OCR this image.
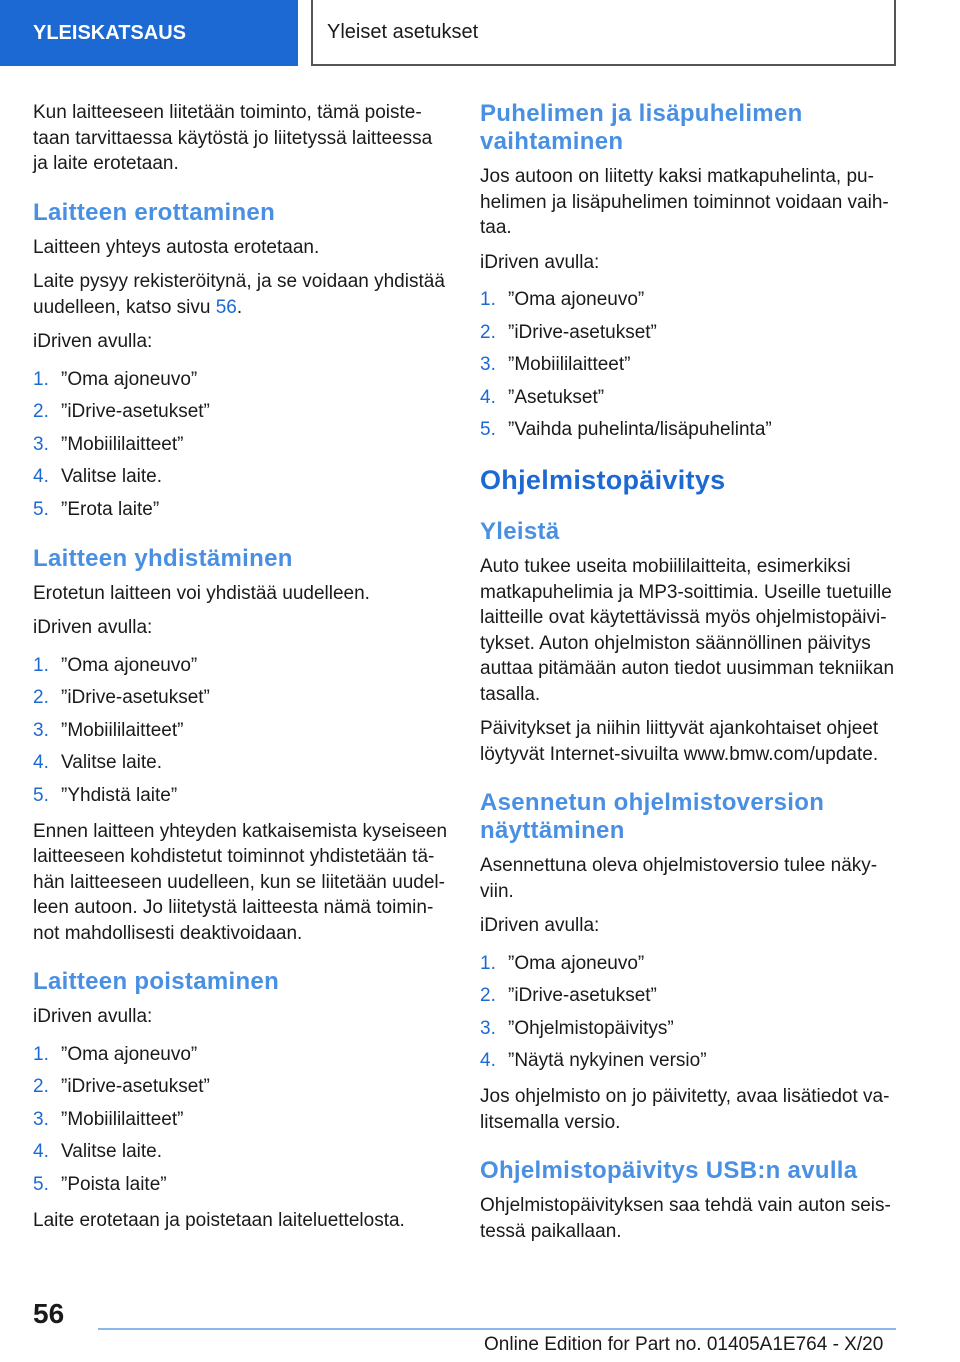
YLEISKATSAUS	Yleiset asetukset

Kun laitteeseen liitetään toiminto, tämä poistetaan tarvittaessa käytöstä jo liitetyssä laitteessa ja laite erotetaan.

Laitteen erottaminen

Laitteen yhteys autosta erotetaan.

Laite pysyy rekisteröitynä, ja se voidaan yhdistää uudelleen, katso sivu 56.

iDriven avulla:

1. ”Oma ajoneuvo”
2. ”iDrive-asetukset”
3. ”Mobiililaitteet”
4. Valitse laite.
5. ”Erota laite”
Laitteen yhdistäminen

Erotetun laitteen voi yhdistää uudelleen.

iDriven avulla:

1. ”Oma ajoneuvo”
2. ”iDrive-asetukset”
3. ”Mobiililaitteet”
4. Valitse laite.
5. ”Yhdistä laite”

Ennen laitteen yhteyden katkaisemista kyseiseen laitteeseen kohdistetut toiminnot yhdistetään tähän laitteeseen uudelleen, kun se liitetään uudelleen autoon. Jo liitetystä laitteesta nämä toiminnot mahdollisesti deaktivoidaan.

Laitteen poistaminen

iDriven avulla:

1. ”Oma ajoneuvo”
2. ”iDrive-asetukset”
3. ”Mobiililaitteet”
4. Valitse laite.
5. ”Poista laite”

Laite erotetaan ja poistetaan laiteluettelosta.

Puhelimen ja lisäpuhelimen vaihtaminen

Jos autoon on liitetty kaksi matkapuhelinta, puhelimen ja lisäpuhelimen toiminnot voidaan vaihtaa.

iDriven avulla:

1. ”Oma ajoneuvo”
2. ”iDrive-asetukset”
3. ”Mobiililaitteet”
4. ”Asetukset”
5. ”Vaihda puhelinta/lisäpuhelinta”
Ohjelmistopäivitys
Yleistä

Auto tukee useita mobiililaitteita, esimerkiksi matkapuhelimia ja MP3-soittimia. Useille tuetuille laitteille ovat käytettävissä myös ohjelmistopäivitykset. Auton ohjelmiston säännöllinen päivitys auttaa pitämään auton tiedot uusimman tekniikan tasalla.

Päivitykset ja niihin liittyvät ajankohtaiset ohjeet löytyvät Internet-sivuilta www.bmw.com/update.

Asennetun ohjelmistoversion näyttäminen

Asennettuna oleva ohjelmistoversio tulee näkyviin.

iDriven avulla:

1. ”Oma ajoneuvo”
2. ”iDrive-asetukset”
3. ”Ohjelmistopäivitys”
4. ”Näytä nykyinen versio”

Jos ohjelmisto on jo päivitetty, avaa lisätiedot valitsemalla versio.

Ohjelmistopäivitys USB:n avulla

Ohjelmistopäivityksen saa tehdä vain auton seistessä paikallaan.

56
Online Edition for Part no. 01405A1E764 - X/20
